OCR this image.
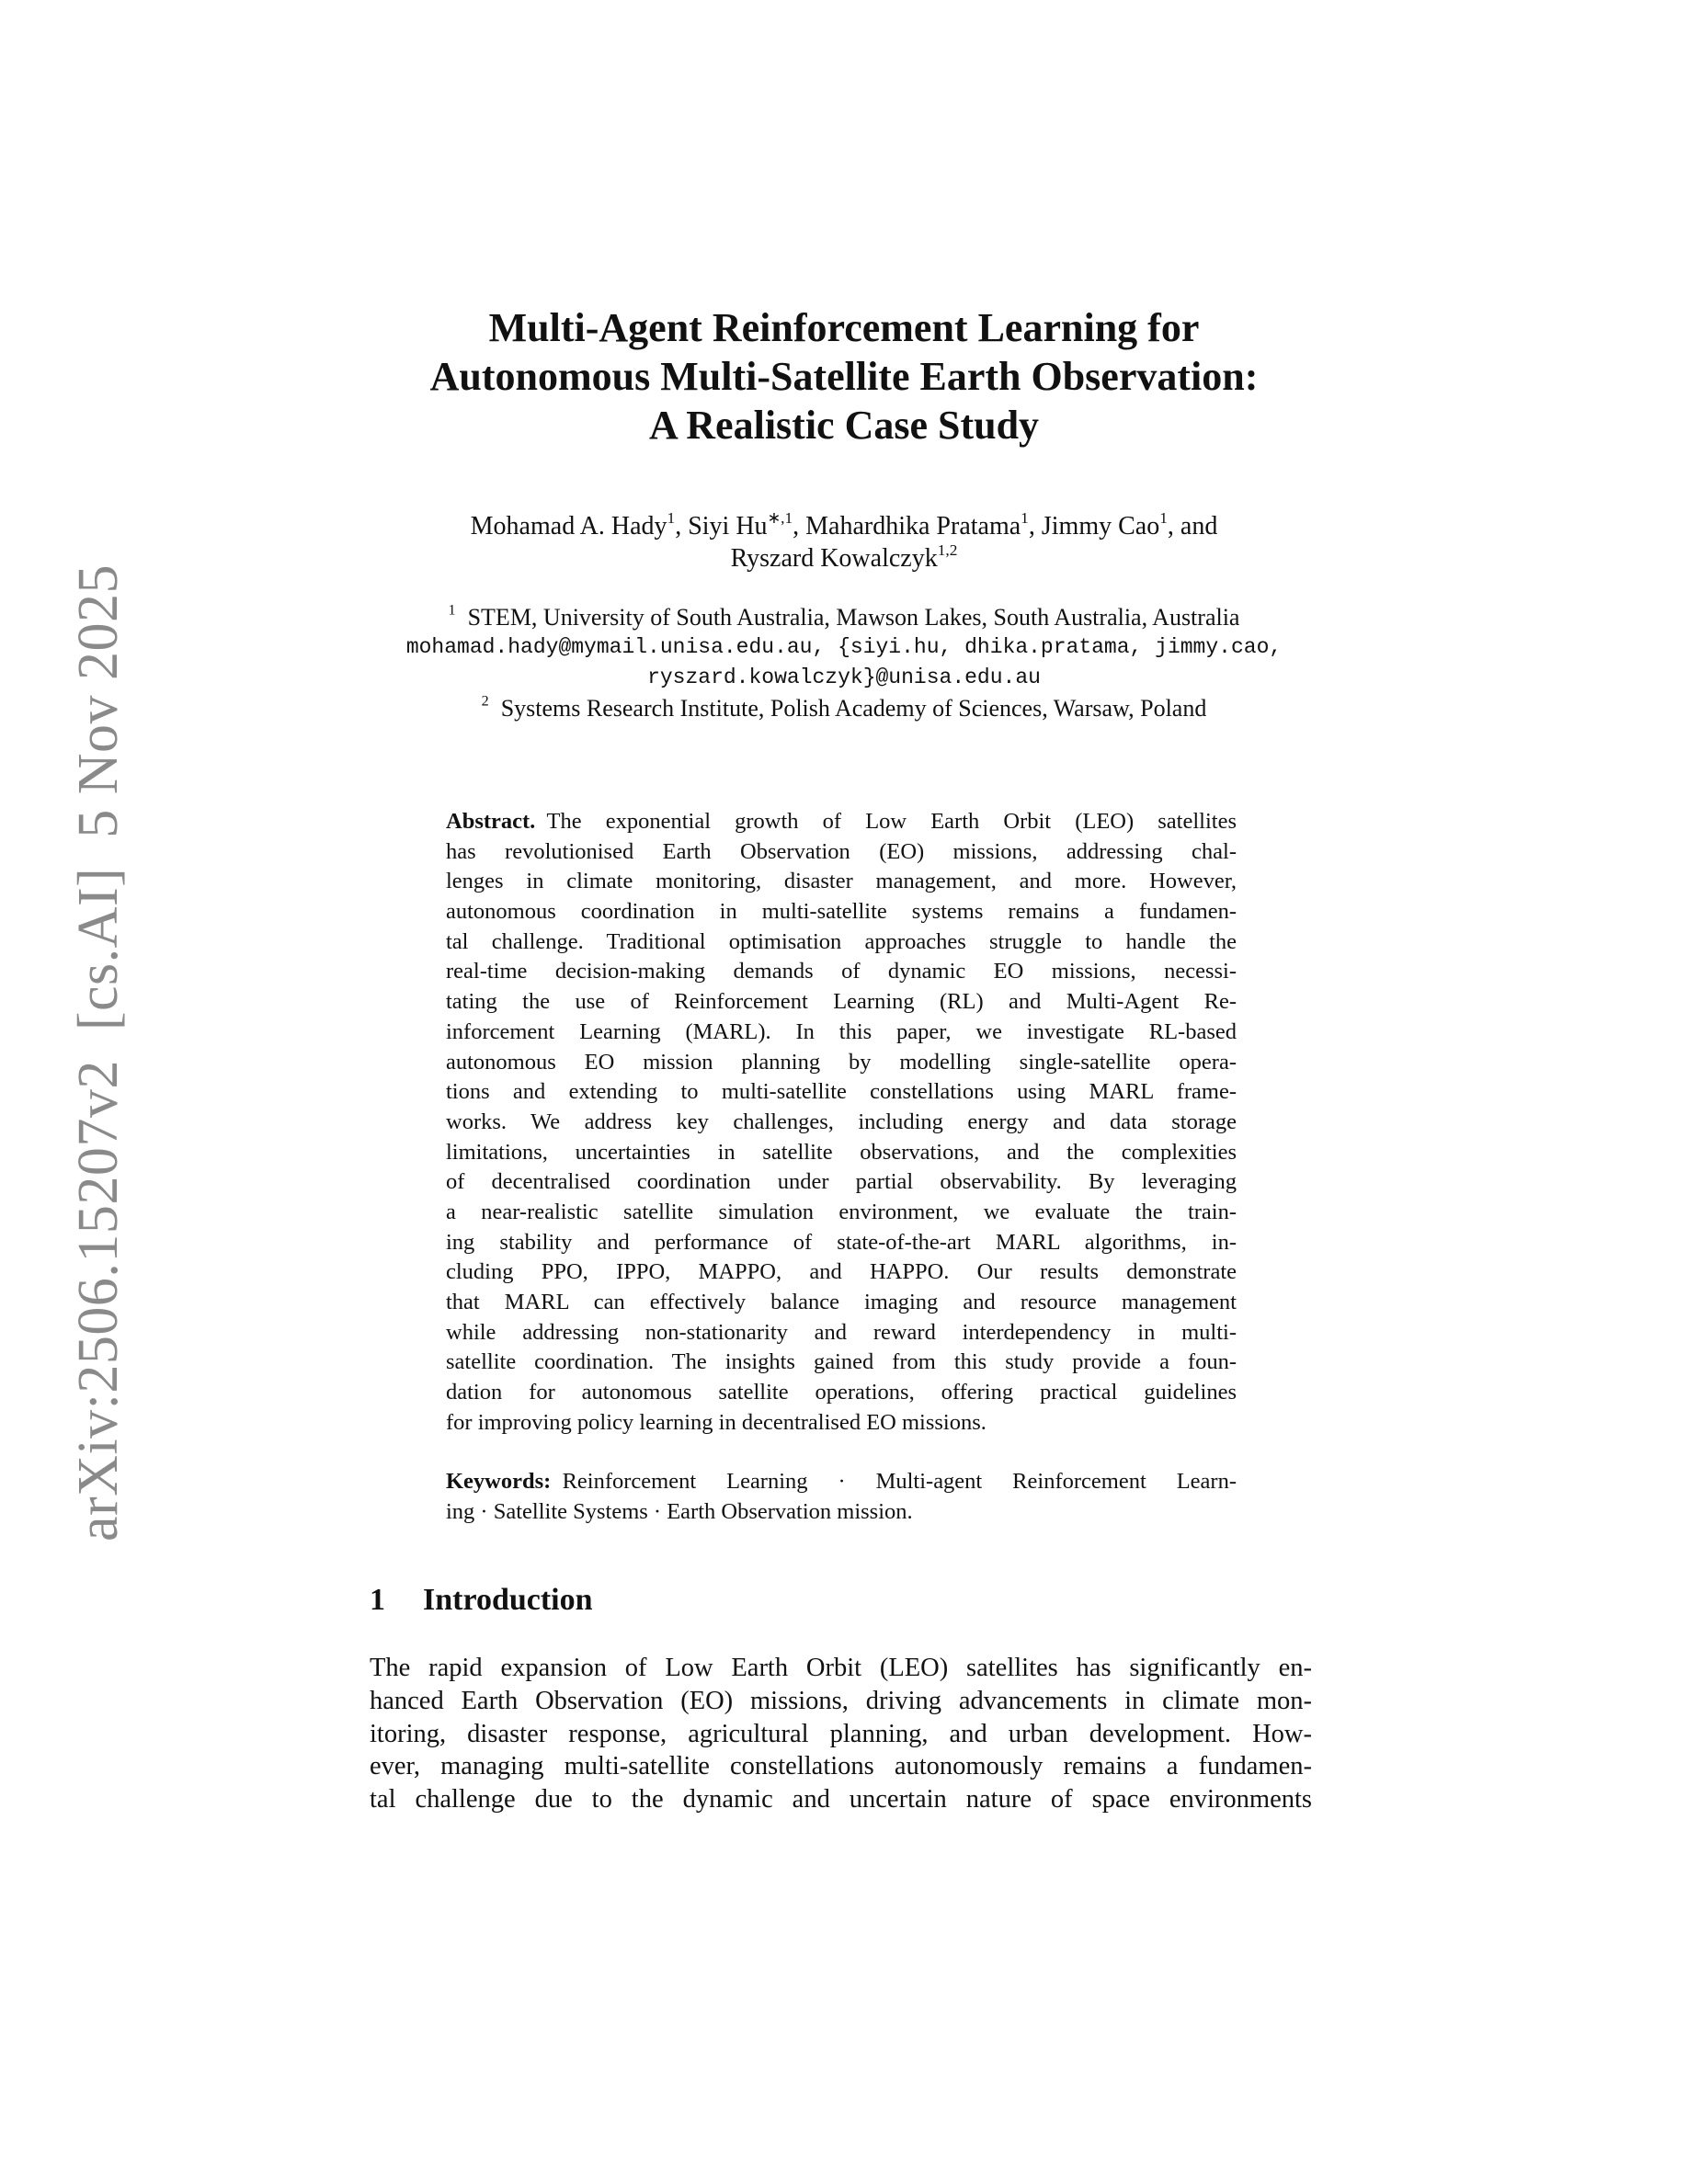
arXiv:2506.15207v2  [cs.AI]  5 Nov 2025
Multi-Agent Reinforcement Learning for
Autonomous Multi-Satellite Earth Observation:
A Realistic Case Study
Mohamad A. Hady$^1$, Siyi $Hu^{∗,1}$, Mahardhika Pratama$^1$, Jimmy Cao$^1$, and
Ryszard Kowalczyk$^{1,2}$
$^1$ STEM, University of South Australia, Mawson Lakes, South Australia, Australia
mohamad.hady@mymail.unisa.edu.au, {siyi.hu, dhika.pratama, jimmy.cao,
ryszard.kowalczyk}@unisa.edu.au
$^2$ Systems Research Institute, Polish Academy of Sciences, Warsaw, Poland
Abstract.  The exponential growth of Low Earth Orbit (LEO) satellites
has revolutionised Earth Observation (EO) missions, addressing chal-
lenges in climate monitoring, disaster management, and more. However,
autonomous coordination in multi-satellite systems remains a fundamen-
tal challenge. Traditional optimisation approaches struggle to handle the
real-time decision-making demands of dynamic EO missions, necessi-
tating the use of Reinforcement Learning (RL) and Multi-Agent Re-
inforcement Learning (MARL). In this paper, we investigate RL-based
autonomous EO mission planning by modelling single-satellite opera-
tions and extending to multi-satellite constellations using MARL frame-
works. We address key challenges, including energy and data storage
limitations, uncertainties in satellite observations, and the complexities
of decentralised coordination under partial observability. By leveraging
a near-realistic satellite simulation environment, we evaluate the train-
ing stability and performance of state-of-the-art MARL algorithms, in-
cluding PPO, IPPO, MAPPO, and HAPPO. Our results demonstrate
that MARL can effectively balance imaging and resource management
while addressing non-stationarity and reward interdependency in multi-
satellite coordination. The insights gained from this study provide a foun-
dation for autonomous satellite operations, offering practical guidelines
for improving policy learning in decentralised EO missions.
Keywords:  Reinforcement Learning · Multi-agent Reinforcement Learn-
ing · Satellite Systems · Earth Observation mission.
1 Introduction
The rapid expansion of Low Earth Orbit (LEO) satellites has significantly en-
hanced Earth Observation (EO) missions, driving advancements in climate mon-
itoring, disaster response, agricultural planning, and urban development. How-
ever, managing multi-satellite constellations autonomously remains a fundamen-
tal challenge due to the dynamic and uncertain nature of space environments
